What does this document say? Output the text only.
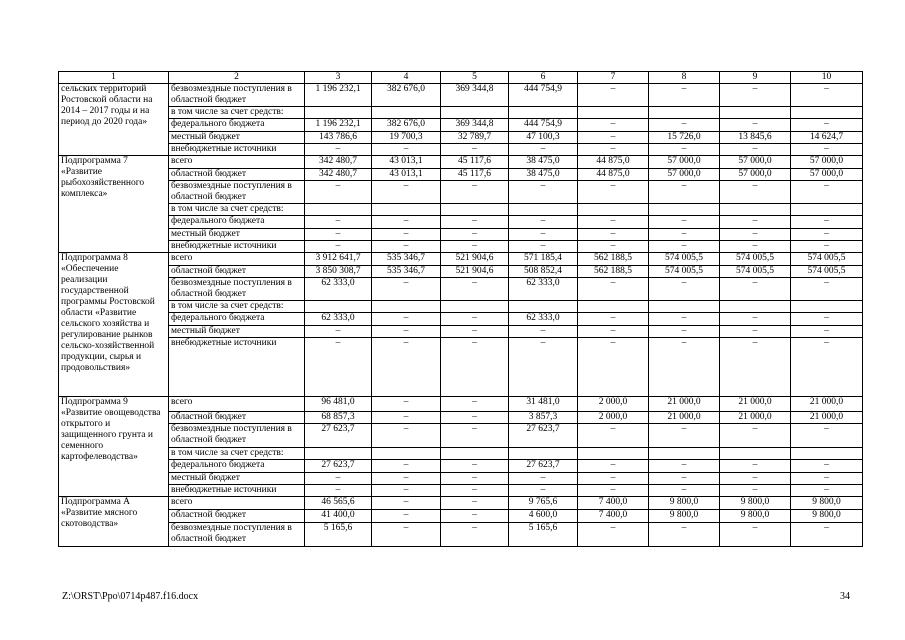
1	2	3	4	5	6	7	8	9	10
сельских территорий Ростовской области на 2014 – 2017 годы и на период до 2020 года»	безвозмездные поступления в областной бюджет	1 196 232,1	382 676,0	369 344,8	444 754,9	–	–	–	–
	в том числе за счет средств:								
	федерального бюджета	1 196 232,1	382 676,0	369 344,8	444 754,9	–	–	–	–
	местный бюджет	143 786,6	19 700,3	32 789,7	47 100,3	–	15 726,0	13 845,6	14 624,7
	внебюджетные источники	–	–	–	–	–	–	–	–
Подпрограмма 7 «Развитие рыбохозяйственного комплекса»	всего	342 480,7	43 013,1	45 117,6	38 475,0	44 875,0	57 000,0	57 000,0	57 000,0
	областной бюджет	342 480,7	43 013,1	45 117,6	38 475,0	44 875,0	57 000,0	57 000,0	57 000,0
	безвозмездные поступления в областной бюджет	–	–	–	–	–	–	–	–
	в том числе за счет средств:								
	федерального бюджета	–	–	–	–	–	–	–	–
	местный бюджет	–	–	–	–	–	–	–	–
	внебюджетные источники	–	–	–	–	–	–	–	–
Подпрограмма 8 «Обеспечение реализации государственной программы Ростовской области «Развитие сельского хозяйства и регулирование рынков сельско-хозяйственной продукции, сырья и продовольствия»	всего	3 912 641,7	535 346,7	521 904,6	571 185,4	562 188,5	574 005,5	574 005,5	574 005,5
	областной бюджет	3 850 308,7	535 346,7	521 904,6	508 852,4	562 188,5	574 005,5	574 005,5	574 005,5
	безвозмездные поступления в областной бюджет	62 333,0	–	–	62 333,0	–	–	–	–
	в том числе за счет средств:								
	федерального бюджета	62 333,0	–	–	62 333,0	–	–	–	–
	местный бюджет	–	–	–	–	–	–	–	–
	внебюджетные источники	–	–	–	–	–	–	–	–
Подпрограмма 9 «Развитие овощеводства открытого и защищенного грунта и семенного картофелеводства»	всего	96 481,0	–	–	31 481,0	2 000,0	21 000,0	21 000,0	21 000,0
	областной бюджет	68 857,3	–	–	3 857,3	2 000,0	21 000,0	21 000,0	21 000,0
	безвозмездные поступления в областной бюджет	27 623,7	–	–	27 623,7	–	–	–	–
	в том числе за счет средств:								
	федерального бюджета	27 623,7	–	–	27 623,7	–	–	–	–
	местный бюджет	–	–	–	–	–	–	–	–
	внебюджетные источники	–	–	–	–	–	–	–	–
Подпрограмма А «Развитие мясного скотоводства»	всего	46 565,6	–	–	9 765,6	7 400,0	9 800,0	9 800,0	9 800,0
	областной бюджет	41 400,0	–	–	4 600,0	7 400,0	9 800,0	9 800,0	9 800,0
	безвозмездные поступления в областной бюджет	5 165,6	–	–	5 165,6	–	–	–	–
Z:\ORST\Ppo\0714p487.f16.docx	34
